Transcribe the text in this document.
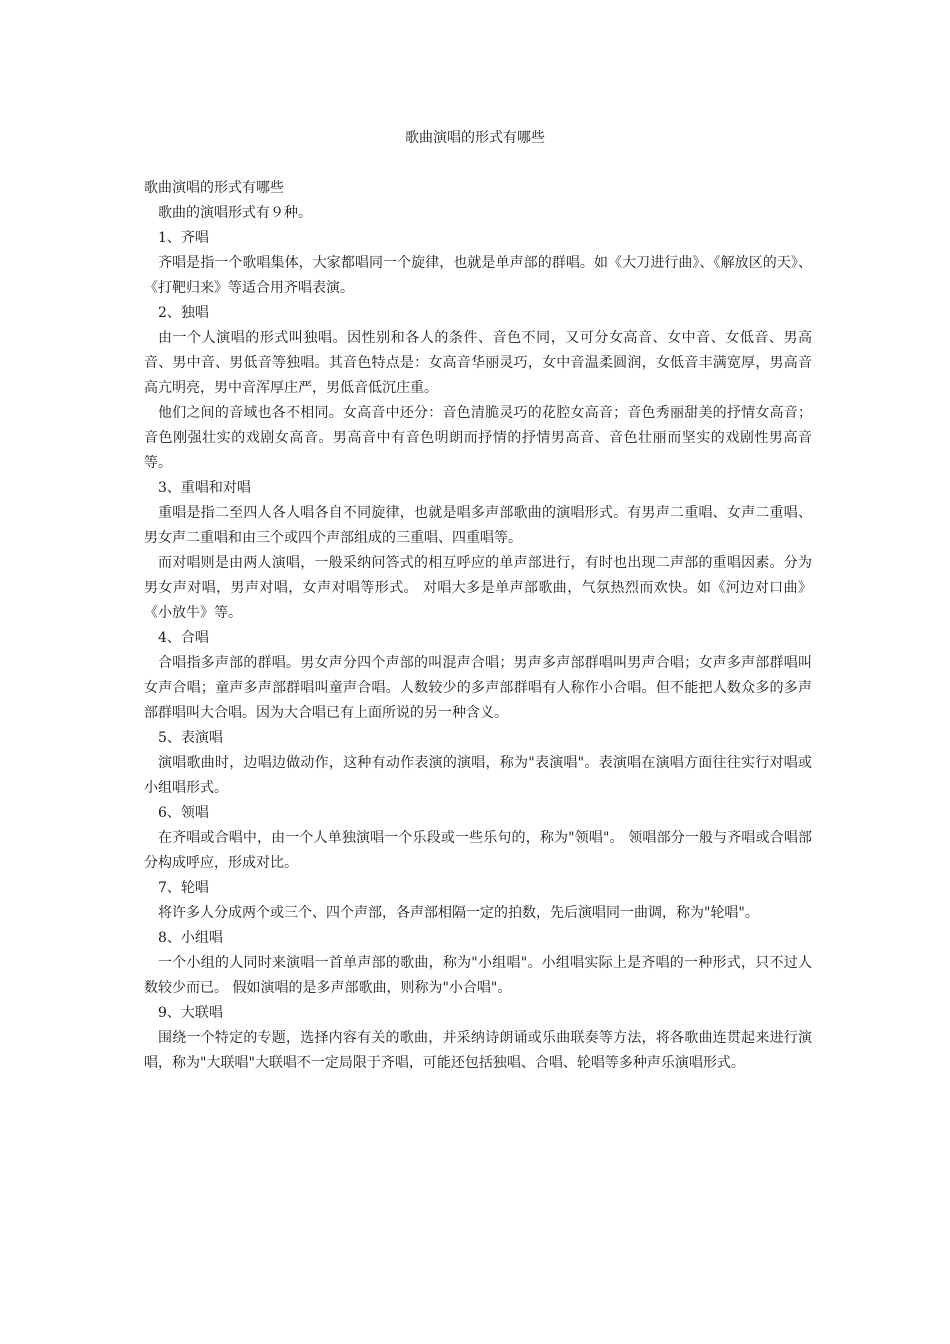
歌曲演唱的形式有哪些

歌曲演唱的形式有哪些

歌曲的演唱形式有９种。

1、齐唱

齐唱是指一个歌唱集体，大家都唱同一个旋律，也就是单声部的群唱。如《大刀进行曲》、《解放区的天》、《打靶归来》等适合用齐唱表演。

2、独唱

由一个人演唱的形式叫独唱。因性别和各人的条件、音色不同，又可分女高音、女中音、女低音、男高音、男中音、男低音等独唱。其音色特点是：女高音华丽灵巧，女中音温柔圆润，女低音丰满宽厚，男高音高亢明亮，男中音浑厚庄严，男低音低沉庄重。

他们之间的音域也各不相同。女高音中还分：音色清脆灵巧的花腔女高音；音色秀丽甜美的抒情女高音；音色刚强壮实的戏剧女高音。男高音中有音色明朗而抒情的抒情男高音、音色壮丽而坚实的戏剧性男高音等。

3、重唱和对唱

重唱是指二至四人各人唱各自不同旋律，也就是唱多声部歌曲的演唱形式。有男声二重唱、女声二重唱、男女声二重唱和由三个或四个声部组成的三重唱、四重唱等。

而对唱则是由两人演唱，一般采纳问答式的相互呼应的单声部进行，有时也出现二声部的重唱因素。分为男女声对唱，男声对唱，女声对唱等形式。 对唱大多是单声部歌曲，气氛热烈而欢快。如《河边对口曲》《小放牛》等。

4、合唱

合唱指多声部的群唱。男女声分四个声部的叫混声合唱；男声多声部群唱叫男声合唱；女声多声部群唱叫女声合唱；童声多声部群唱叫童声合唱。人数较少的多声部群唱有人称作小合唱。但不能把人数众多的多声部群唱叫大合唱。因为大合唱已有上面所说的另一种含义。

5、表演唱

演唱歌曲时，边唱边做动作，这种有动作表演的演唱，称为"表演唱"。表演唱在演唱方面往往实行对唱或小组唱形式。

6、领唱

在齐唱或合唱中，由一个人单独演唱一个乐段或一些乐句的，称为"领唱"。 领唱部分一般与齐唱或合唱部分构成呼应，形成对比。

7、轮唱

将许多人分成两个或三个、四个声部，各声部相隔一定的拍数，先后演唱同一曲调，称为"轮唱"。

8、小组唱

一个小组的人同时来演唱一首单声部的歌曲，称为"小组唱"。小组唱实际上是齐唱的一种形式，只不过人数较少而已。 假如演唱的是多声部歌曲，则称为"小合唱"。

9、大联唱

围绕一个特定的专题，选择内容有关的歌曲，并采纳诗朗诵或乐曲联奏等方法，将各歌曲连贯起来进行演唱，称为"大联唱"大联唱不一定局限于齐唱，可能还包括独唱、合唱、轮唱等多种声乐演唱形式。
